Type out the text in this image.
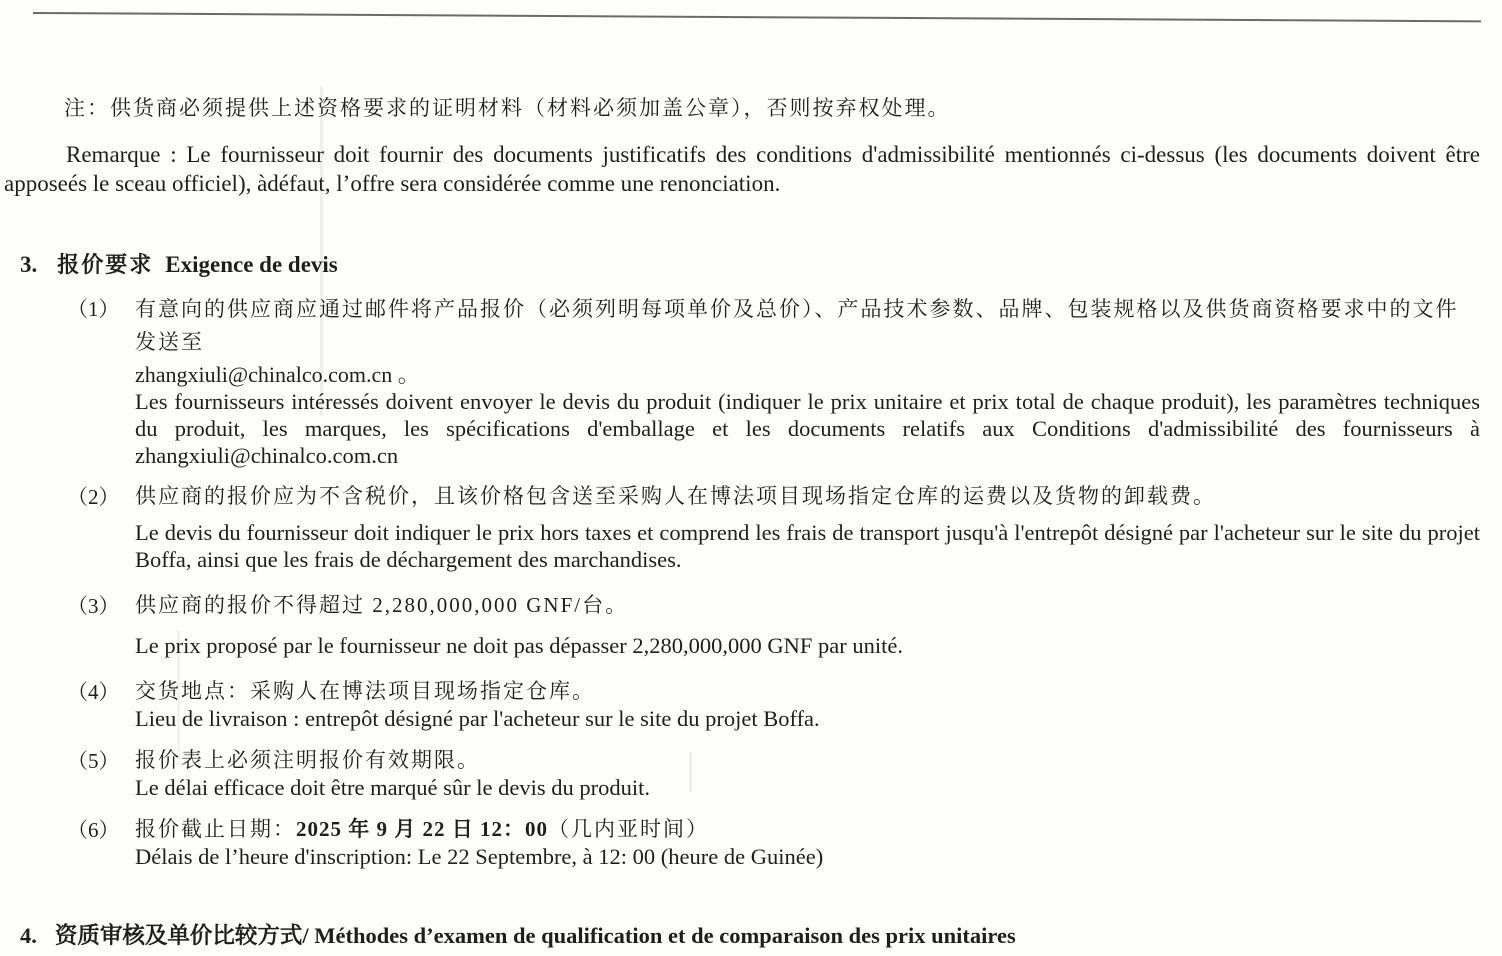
注：供货商必须提供上述资格要求的证明材料（材料必须加盖公章），否则按弃权处理。

Remarque : Le fournisseur doit fournir des documents justificatifs des conditions d'admissibilité mentionnés ci-dessus (les documents doivent être apposeés le sceau officiel), àdéfaut, l’offre sera considérée comme une renonciation.

3. 报价要求 Exigence de devis
（1） 有意向的供应商应通过邮件将产品报价（必须列明每项单价及总价）、产品技术参数、品牌、包装规格以及供货商资格要求中的文件发送至

zhangxiuli@chinalco.com.cn 。

Les fournisseurs intéressés doivent envoyer le devis du produit (indiquer le prix unitaire et prix total de chaque produit), les paramètres techniques du produit, les marques, les spécifications d'emballage et les documents relatifs aux Conditions d'admissibilité des fournisseurs à zhangxiuli@chinalco.com.cn

（2） 供应商的报价应为不含税价，且该价格包含送至采购人在博法项目现场指定仓库的运费以及货物的卸载费。

Le devis du fournisseur doit indiquer le prix hors taxes et comprend les frais de transport jusqu'à l'entrepôt désigné par l'acheteur sur le site du projet Boffa, ainsi que les frais de déchargement des marchandises.

（3） 供应商的报价不得超过 2,280,000,000 GNF/台。

Le prix proposé par le fournisseur ne doit pas dépasser 2,280,000,000 GNF par unité.

（4） 交货地点：采购人在博法项目现场指定仓库。

Lieu de livraison : entrepôt désigné par l'acheteur sur le site du projet Boffa.

（5） 报价表上必须注明报价有效期限。

Le délai efficace doit être marqué sûr le devis du produit.

（6） 报价截止日期：2025 年 9 月 22 日 12：00（几内亚时间）

Délais de l’heure d'inscription: Le 22 Septembre, à 12: 00 (heure de Guinée)

4. 资质审核及单价比较方式/ Méthodes d’examen de qualification et de comparaison des prix unitaires
